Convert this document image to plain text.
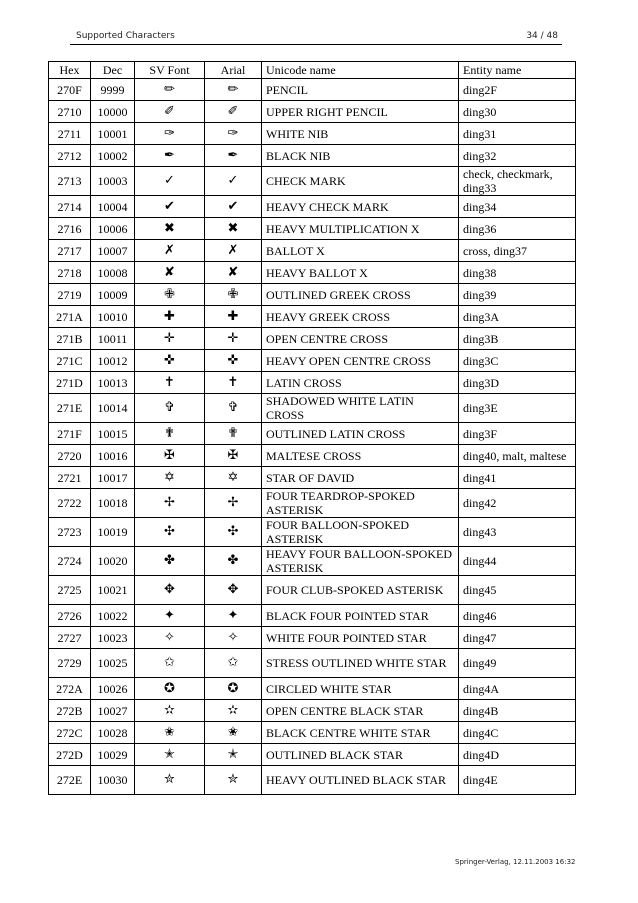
Supported Characters	34 / 48
Hex	Dec	SV Font	Arial	Unicode name	Entity name
270F	9999	✏	✏	PENCIL	ding2F
2710	10000	✐	✐	UPPER RIGHT PENCIL	ding30
2711	10001	✑	✑	WHITE NIB	ding31
2712	10002	✒	✒	BLACK NIB	ding32
2713	10003	✓	✓	CHECK MARK	check, checkmark, ding33
2714	10004	✔	✔	HEAVY CHECK MARK	ding34
2716	10006	✖	✖	HEAVY MULTIPLICATION X	ding36
2717	10007	✗	✗	BALLOT X	cross, ding37
2718	10008	✘	✘	HEAVY BALLOT X	ding38
2719	10009	✙	✙	OUTLINED GREEK CROSS	ding39
271A	10010	✚	✚	HEAVY GREEK CROSS	ding3A
271B	10011	✛	✛	OPEN CENTRE CROSS	ding3B
271C	10012	✜	✜	HEAVY OPEN CENTRE CROSS	ding3C
271D	10013	✝	✝	LATIN CROSS	ding3D
271E	10014	✞	✞	SHADOWED WHITE LATIN CROSS	ding3E
271F	10015	✟	✟	OUTLINED LATIN CROSS	ding3F
2720	10016	✠	✠	MALTESE CROSS	ding40, malt, maltese
2721	10017	✡	✡	STAR OF DAVID	ding41
2722	10018	✢	✢	FOUR TEARDROP-SPOKED ASTERISK	ding42
2723	10019	✣	✣	FOUR BALLOON-SPOKED ASTERISK	ding43
2724	10020	✤	✤	HEAVY FOUR BALLOON-SPOKED ASTERISK	ding44
2725	10021	✥	✥	FOUR CLUB-SPOKED ASTERISK	ding45
2726	10022	✦	✦	BLACK FOUR POINTED STAR	ding46
2727	10023	✧	✧	WHITE FOUR POINTED STAR	ding47
2729	10025	✩	✩	STRESS OUTLINED WHITE STAR	ding49
272A	10026	✪	✪	CIRCLED WHITE STAR	ding4A
272B	10027	✫	✫	OPEN CENTRE BLACK STAR	ding4B
272C	10028	✬	✬	BLACK CENTRE WHITE STAR	ding4C
272D	10029	✭	✭	OUTLINED BLACK STAR	ding4D
272E	10030	✮	✮	HEAVY OUTLINED BLACK STAR	ding4E
Springer-Verlag, 12.11.2003 16:32
